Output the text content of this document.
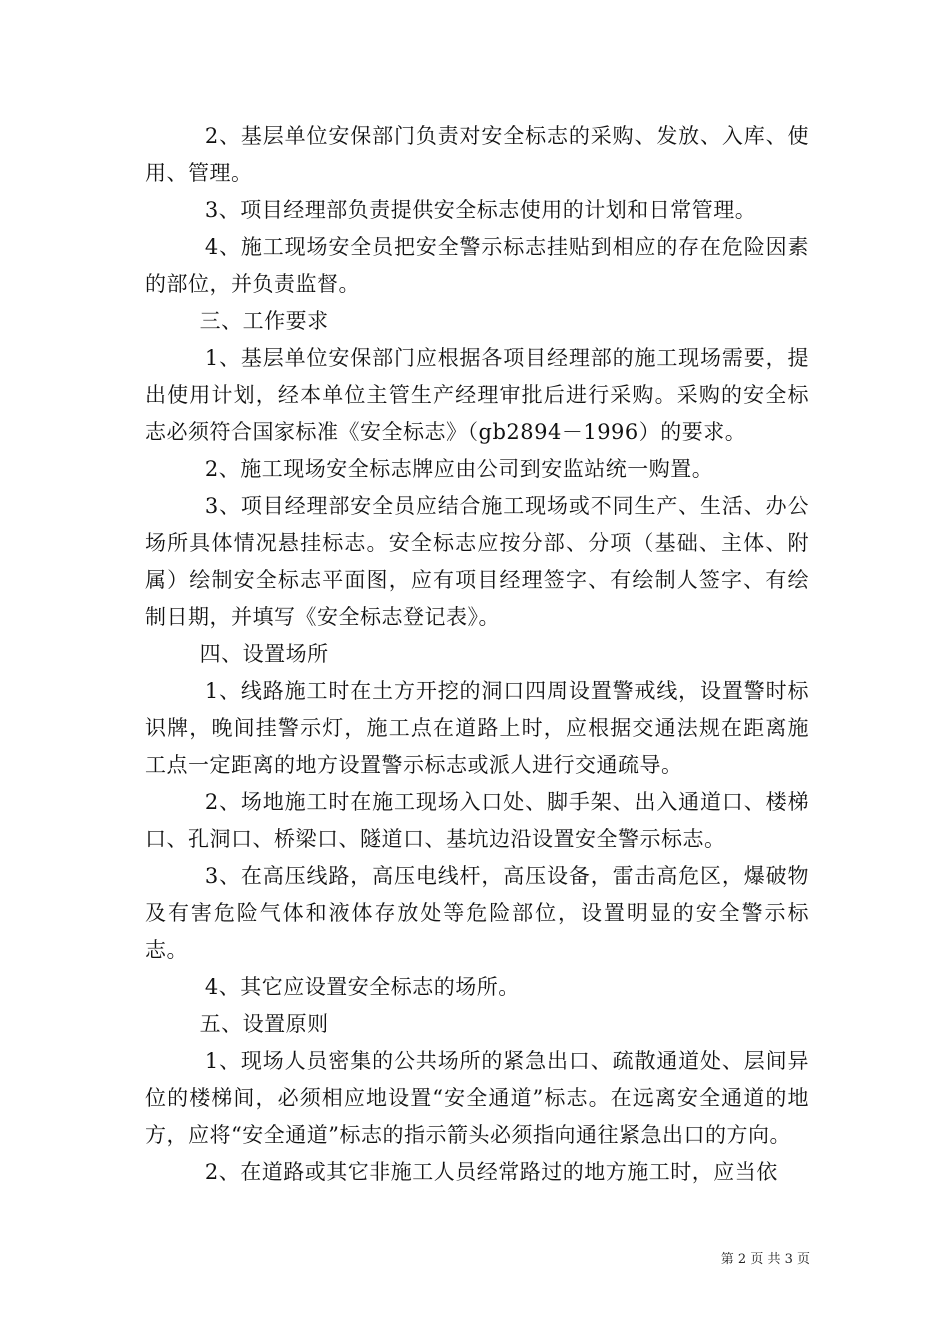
2、基层单位安保部门负责对安全标志的采购、发放、入库、使用、管理。

3、项目经理部负责提供安全标志使用的计划和日常管理。

4、施工现场安全员把安全警示标志挂贴到相应的存在危险因素的部位，并负责监督。

三、工作要求

1、基层单位安保部门应根据各项目经理部的施工现场需要，提出使用计划，经本单位主管生产经理审批后进行采购。采购的安全标志必须符合国家标准《安全标志》（gb2894－1996）的要求。

2、施工现场安全标志牌应由公司到安监站统一购置。

3、项目经理部安全员应结合施工现场或不同生产、生活、办公场所具体情况悬挂标志。安全标志应按分部、分项（基础、主体、附属）绘制安全标志平面图，应有项目经理签字、有绘制人签字、有绘制日期，并填写《安全标志登记表》。

四、设置场所

1、线路施工时在土方开挖的洞口四周设置警戒线，设置警时标识牌，晚间挂警示灯，施工点在道路上时，应根据交通法规在距离施工点一定距离的地方设置警示标志或派人进行交通疏导。

2、场地施工时在施工现场入口处、脚手架、出入通道口、楼梯口、孔洞口、桥梁口、隧道口、基坑边沿设置安全警示标志。

3、在高压线路，高压电线杆，高压设备，雷击高危区，爆破物及有害危险气体和液体存放处等危险部位，设置明显的安全警示标志。

4、其它应设置安全标志的场所。

五、设置原则

1、现场人员密集的公共场所的紧急出口、疏散通道处、层间异位的楼梯间，必须相应地设置“安全通道”标志。在远离安全通道的地方，应将“安全通道”标志的指示箭头必须指向通往紧急出口的方向。

2、在道路或其它非施工人员经常路过的地方施工时，应当依

第 2 页 共 3 页
